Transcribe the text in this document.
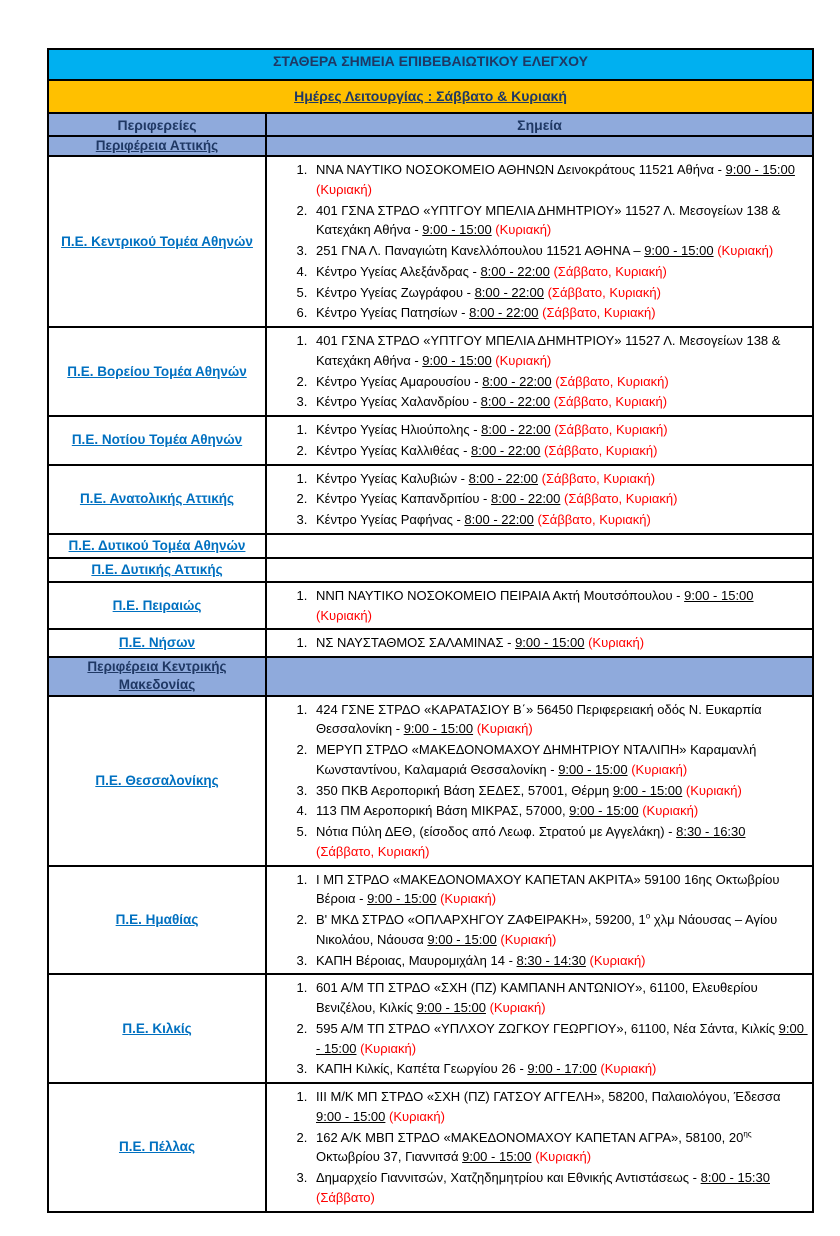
ΣΤΑΘΕΡΑ ΣΗΜΕΙΑ ΕΠΙΒΕΒΑΙΩΤΙΚΟΥ ΕΛΕΓΧΟΥ	
Ημέρες Λειτουργίας : Σάββατο & Κυριακή	
Περιφερείες	Σημεία
Περιφέρεια Αττικής	
Π.Ε. Κεντρικού Τομέα Αθηνών	
1. ΝΝΑ ΝΑΥΤΙΚΟ ΝΟΣΟΚΟΜΕΙΟ ΑΘΗΝΩΝ Δεινοκράτους 11521 Αθήνα - 9:00 - 15:00 (Κυριακή)
2. 401 ΓΣΝΑ ΣΤΡΔΟ «ΥΠΤΓΟΥ ΜΠΕΛΙΑ ΔΗΜΗΤΡΙΟΥ» 11527 Λ. Μεσογείων 138 & Κατεχάκη Αθήνα - 9:00 - 15:00 (Κυριακή)
3. 251 ΓΝΑ Λ. Παναγιώτη Κανελλόπουλου 11521 ΑΘΗΝΑ – 9:00 - 15:00 (Κυριακή)
4. Κέντρο Υγείας Αλεξάνδρας - 8:00 - 22:00 (Σάββατο, Κυριακή)
5. Κέντρο Υγείας Ζωγράφου - 8:00 - 22:00 (Σάββατο, Κυριακή)
6. Κέντρο Υγείας Πατησίων - 8:00 - 22:00 (Σάββατο, Κυριακή)

Π.Ε. Βορείου Τομέα Αθηνών	
1. 401 ΓΣΝΑ ΣΤΡΔΟ «ΥΠΤΓΟΥ ΜΠΕΛΙΑ ΔΗΜΗΤΡΙΟΥ» 11527 Λ. Μεσογείων 138 & Κατεχάκη Αθήνα - 9:00 - 15:00 (Κυριακή)
2. Κέντρο Υγείας Αμαρουσίου - 8:00 - 22:00 (Σάββατο, Κυριακή)
3. Κέντρο Υγείας Χαλανδρίου - 8:00 - 22:00 (Σάββατο, Κυριακή)

Π.Ε. Νοτίου Τομέα Αθηνών	
1. Κέντρο Υγείας Ηλιούπολης - 8:00 - 22:00 (Σάββατο, Κυριακή)
2. Κέντρο Υγείας Καλλιθέας - 8:00 - 22:00 (Σάββατο, Κυριακή)

Π.Ε. Ανατολικής Αττικής	
1. Κέντρο Υγείας Καλυβιών - 8:00 - 22:00 (Σάββατο, Κυριακή)
2. Κέντρο Υγείας Καπανδριτίου - 8:00 - 22:00 (Σάββατο, Κυριακή)
3. Κέντρο Υγείας Ραφήνας - 8:00 - 22:00 (Σάββατο, Κυριακή)

Π.Ε. Δυτικού Τομέα Αθηνών	
Π.Ε. Δυτικής Αττικής	
Π.Ε. Πειραιώς	
1. ΝΝΠ ΝΑΥΤΙΚΟ ΝΟΣΟΚΟΜΕΙΟ ΠΕΙΡΑΙΑ Ακτή Μουτσόπουλου - 9:00 - 15:00 (Κυριακή)

Π.Ε. Νήσων	
1.ΝΣ ΝΑΥΣΤΑΘΜΟΣ ΣΑΛΑΜΙΝΑΣ - 9:00 - 15:00 (Κυριακή)

Περιφέρεια Κεντρικής Μακεδονίας	
Π.Ε. Θεσσαλονίκης	
1. 424 ΓΣΝΕ ΣΤΡΔΟ «ΚΑΡΑΤΑΣΙΟΥ Β΄» 56450 Περιφερειακή οδός Ν. Ευκαρπία Θεσσαλονίκη - 9:00 - 15:00 (Κυριακή)
2. ΜΕΡΥΠ ΣΤΡΔΟ «ΜΑΚΕΔΟΝΟΜΑΧΟΥ ΔΗΜΗΤΡΙΟΥ ΝΤΑΛΙΠΗ» Καραμανλή Κωνσταντίνου, Καλαμαριά Θεσσαλονίκη - 9:00 - 15:00 (Κυριακή)
3. 350 ΠΚΒ Αεροπορική Βάση ΣΕΔΕΣ, 57001, Θέρμη 9:00 - 15:00 (Κυριακή)
4. 113 ΠΜ Αεροπορική Βάση ΜΙΚΡΑΣ, 57000, 9:00 - 15:00 (Κυριακή)
5. Νότια Πύλη ΔΕΘ, (είσοδος από Λεωφ. Στρατού με Αγγελάκη) - 8:30 - 16:30 (Σάββατο, Κυριακή)

Π.Ε. Ημαθίας	
1. Ι ΜΠ ΣΤΡΔΟ «ΜΑΚΕΔΟΝΟΜΑΧΟΥ ΚΑΠΕΤΑΝ ΑΚΡΙΤΑ» 59100 16ης Οκτωβρίου Βέροια - 9:00 - 15:00 (Κυριακή)
2. Β' ΜΚΔ ΣΤΡΔΟ «ΟΠΛΑΡΧΗΓΟΥ ΖΑΦΕΙΡΑΚΗ», 59200, $1^o$ χλμ Νάουσας – Αγίου Νικολάου, Νάουσα 9:00 - 15:00 (Κυριακή)
3. ΚΑΠΗ Βέροιας, Μαυρομιχάλη 14 - 8:30 - 14:30 (Κυριακή)

Π.Ε. Κιλκίς	
1. 601 Α/Μ ΤΠ ΣΤΡΔΟ «ΣΧΗ (ΠΖ) ΚΑΜΠΑΝΗ ΑΝΤΩΝΙΟΥ», 61100, Ελευθερίου Βενιζέλου, Κιλκίς 9:00 - 15:00 (Κυριακή)
2. 595 Α/Μ ΤΠ ΣΤΡΔΟ «ΥΠΛΧΟΥ ΖΩΓΚΟΥ ΓΕΩΡΓΙΟΥ», 61100, Νέα Σάντα, Κιλκίς 9:00 - 15:00 (Κυριακή)
3. ΚΑΠΗ Κιλκίς, Καπέτα Γεωργίου 26 - 9:00 - 17:00 (Κυριακή)

Π.Ε. Πέλλας	
1. ΙΙΙ Μ/Κ ΜΠ ΣΤΡΔΟ «ΣΧΗ (ΠΖ) ΓΑΤΣΟΥ ΑΓΓΕΛΗ», 58200, Παλαιολόγου, Έδεσσα 9:00 - 15:00 (Κυριακή)
2. 162 Α/Κ ΜΒΠ ΣΤΡΔΟ «ΜΑΚΕΔΟΝΟΜΑΧΟΥ ΚΑΠΕΤΑΝ ΑΓΡΑ», 58100, $20^{\eta\varsigma}$ Οκτωβρίου 37, Γιαννιτσά 9:00 - 15:00 (Κυριακή)
3. Δημαρχείο Γιαννιτσών, Χατζηδημητρίου και Εθνικής Αντιστάσεως - 8:00 - 15:30 (Σάββατο)
